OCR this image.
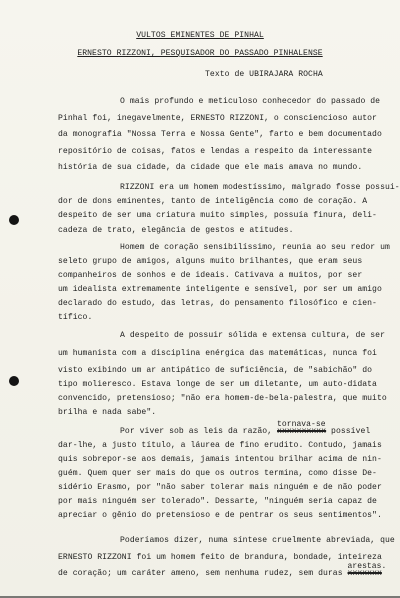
VULTOS EMINENTES DE PINHAL
ERNESTO RIZZONI, PESQUISADOR DO PASSADO PINHALENSE
Texto de UBIRAJARA ROCHA
O mais profundo e meticuloso conhecedor do passado de
Pinhal foi, inegavelmente, ERNESTO RIZZONI, o consciencioso autor
da monografia "Nossa Terra e Nossa Gente", farto e bem documentado
repositório de coisas, fatos e lendas a respeito da interessante
história de sua cidade, da cidade que ele mais amava no mundo.
RIZZONI era um homem modestíssimo, malgrado fosse possui-
dor de dons eminentes, tanto de inteligência como de coração. A
despeito de ser uma criatura muito simples, possuía finura, deli-
cadeza de trato, elegância de gestos e atitudes.
Homem de coração sensibilíssimo, reunia ao seu redor um
seleto grupo de amigos, alguns muito brilhantes, que eram seus
companheiros de sonhos e de ideais. Cativava a muitos, por ser
um idealista extremamente inteligente e sensível, por ser um amigo
declarado do estudo, das letras, do pensamento filosófico e cien-
tífico.
A despeito de possuir sólida e extensa cultura, de ser
um humanista com a disciplina enérgica das matemáticas, nunca foi
visto exibindo um ar antipático de suficiência, de "sabichão" do
tipo molieresco. Estava longe de ser um diletante, um auto-didata
convencido, pretensioso; "não era homem-de-bela-palestra, que muito
brilha e nada sabe".
Por viver sob as leis da razão, xxxxxxxxxx
tornava-se
possível
dar-lhe, a justo título, a láurea de fino erudito. Contudo, jamais
quis sobrepor-se aos demais, jamais intentou brilhar acima de nin-
guém. Quem quer ser mais do que os outros termina, como disse De-
sidério Erasmo, por "não saber tolerar mais ninguém e de não poder
por mais ninguém ser tolerado". Dessarte, "ninguém seria capaz de
apreciar o gênio do pretensioso e de pentrar os seus sentimentos".
Poderíamos dizer, numa síntese cruelmente abreviada, que
ERNESTO RIZZONI foi um homem feito de brandura, bondade, inteireza
de coração; um caráter ameno, sem nenhuma rudez, sem duras xxxxxxx
arestas.
